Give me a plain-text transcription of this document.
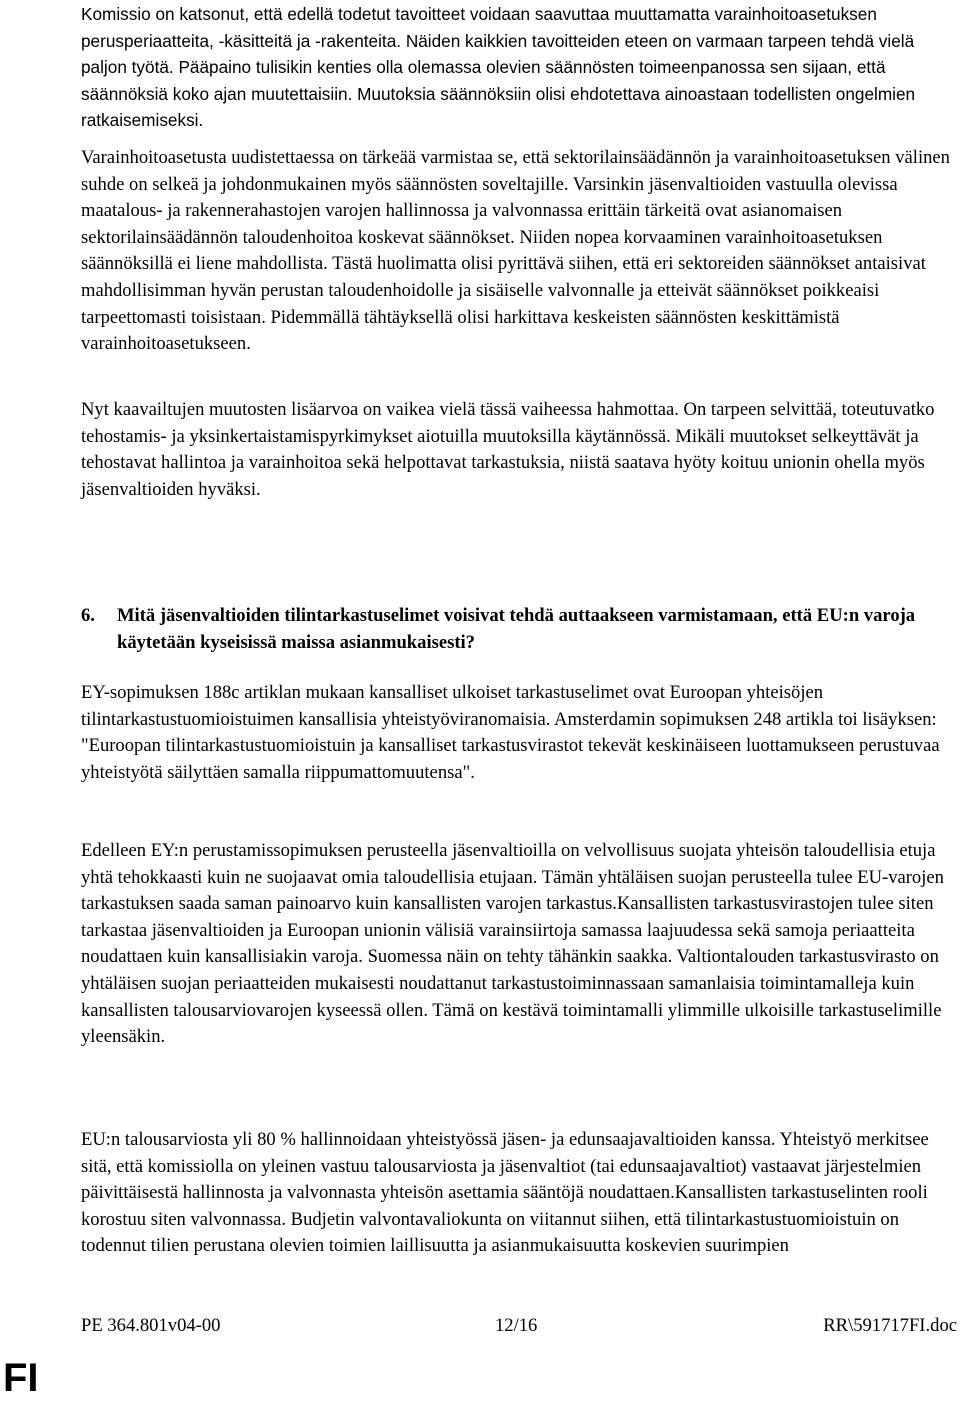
Komissio on katsonut, että edellä todetut tavoitteet voidaan saavuttaa muuttamatta varainhoitoasetuksen perusperiaatteita, -käsitteitä ja -rakenteita. Näiden kaikkien tavoitteiden eteen on varmaan tarpeen tehdä vielä paljon työtä. Pääpaino tulisikin kenties olla olemassa olevien säännösten toimeenpanossa sen sijaan, että säännöksiä koko ajan muutettaisiin. Muutoksia säännöksiin olisi ehdotettava ainoastaan todellisten ongelmien ratkaisemiseksi.

Varainhoitoasetusta uudistettaessa on tärkeää varmistaa se, että sektorilainsäädännön ja varainhoitoasetuksen välinen suhde on selkeä ja johdonmukainen myös säännösten soveltajille. Varsinkin jäsenvaltioiden vastuulla olevissa maatalous- ja rakennerahastojen varojen hallinnossa ja valvonnassa erittäin tärkeitä ovat asianomaisen sektorilainsäädännön taloudenhoitoa koskevat säännökset. Niiden nopea korvaaminen varainhoitoasetuksen säännöksillä ei liene mahdollista. Tästä huolimatta olisi pyrittävä siihen, että eri sektoreiden säännökset antaisivat mahdollisimman hyvän perustan taloudenhoidolle ja sisäiselle valvonnalle ja etteivät säännökset poikkeaisi tarpeettomasti toisistaan. Pidemmällä tähtäyksellä olisi harkittava keskeisten säännösten keskittämistä varainhoitoasetukseen.

Nyt kaavailtujen muutosten lisäarvoa on vaikea vielä tässä vaiheessa hahmottaa. On tarpeen selvittää, toteutuvatko tehostamis- ja yksinkertaistamispyrkimykset aiotuilla muutoksilla käytännössä. Mikäli muutokset selkeyttävät ja tehostavat hallintoa ja varainhoitoa sekä helpottavat tarkastuksia, niistä saatava hyöty koituu unionin ohella myös jäsenvaltioiden hyväksi.

6. Mitä jäsenvaltioiden tilintarkastuselimet voisivat tehdä auttaakseen varmistamaan, että EU:n varoja käytetään kyseisissä maissa asianmukaisesti?

EY-sopimuksen 188c artiklan mukaan kansalliset ulkoiset tarkastuselimet ovat Euroopan yhteisöjen tilintarkastustuomioistuimen kansallisia yhteistyöviranomaisia. Amsterdamin sopimuksen 248 artikla toi lisäyksen: "Euroopan tilintarkastustuomioistuin ja kansalliset tarkastusvirastot tekevät keskinäiseen luottamukseen perustuvaa yhteistyötä säilyttäen samalla riippumattomuutensa".

Edelleen EY:n perustamissopimuksen perusteella jäsenvaltioilla on velvollisuus suojata yhteisön taloudellisia etuja yhtä tehokkaasti kuin ne suojaavat omia taloudellisia etujaan. Tämän yhtäläisen suojan perusteella tulee EU-varojen tarkastuksen saada saman painoarvo kuin kansallisten varojen tarkastus.Kansallisten tarkastusvirastojen tulee siten tarkastaa jäsenvaltioiden ja Euroopan unionin välisiä varainsiirtoja samassa laajuudessa sekä samoja periaatteita noudattaen kuin kansallisiakin varoja. Suomessa näin on tehty tähänkin saakka. Valtiontalouden tarkastusvirasto on yhtäläisen suojan periaatteiden mukaisesti noudattanut tarkastustoiminnassaan samanlaisia toimintamalleja kuin kansallisten talousarviovarojen kyseessä ollen. Tämä on kestävä toimintamalli ylimmille ulkoisille tarkastuselimille yleensäkin.

EU:n talousarviosta yli 80 % hallinnoidaan yhteistyössä jäsen- ja edunsaajavaltioiden kanssa. Yhteistyö merkitsee sitä, että komissiolla on yleinen vastuu talousarviosta ja jäsenvaltiot (tai edunsaajavaltiot) vastaavat järjestelmien päivittäisestä hallinnosta ja valvonnasta yhteisön asettamia sääntöjä noudattaen.Kansallisten tarkastuselinten rooli korostuu siten valvonnassa. Budjetin valvontavaliokunta on viitannut siihen, että tilintarkastustuomioistuin on todennut tilien perustana olevien toimien laillisuutta ja asianmukaisuutta koskevien suurimpien

PE 364.801v04-00	12/16	RR\591717FI.doc
FI
